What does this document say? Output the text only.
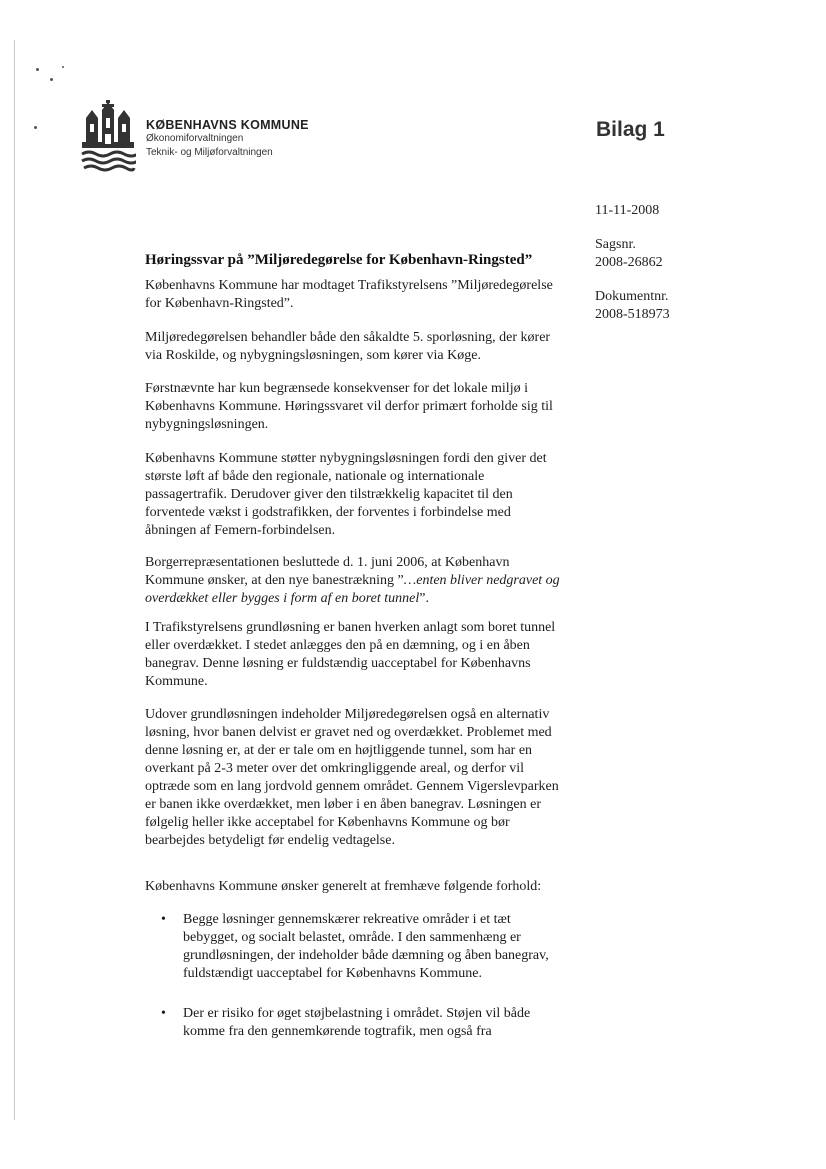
KØBENHAVNS KOMMUNE
Økonomiforvaltningen
Teknik- og Miljøforvaltningen
Bilag 1
11-11-2008
Sagsnr.
2008-26862
Dokumentnr.
2008-518973
Høringssvar på ”Miljøredegørelse for København-Ringsted”

Københavns Kommune har modtaget Trafikstyrelsens ”Miljøredegørelse for København-Ringsted”.

Miljøredegørelsen behandler både den såkaldte 5. sporløsning, der kører via Roskilde, og nybygningsløsningen, som kører via Køge.

Førstnævnte har kun begrænsede konsekvenser for det lokale miljø i Københavns Kommune. Høringssvaret vil derfor primært forholde sig til nybygningsløsningen.

Københavns Kommune støtter nybygningsløsningen fordi den giver det største løft af både den regionale, nationale og internationale passagertrafik. Derudover giver den tilstrækkelig kapacitet til den forventede vækst i godstrafikken, der forventes i forbindelse med åbningen af Femern-forbindelsen.

Borgerrepræsentationen besluttede d. 1. juni 2006, at København Kommune ønsker, at den nye banestrækning ”…enten bliver nedgravet og overdækket eller bygges i form af en boret tunnel”.

I Trafikstyrelsens grundløsning er banen hverken anlagt som boret tunnel eller overdækket. I stedet anlægges den på en dæmning, og i en åben banegrav. Denne løsning er fuldstændig uacceptabel for Københavns Kommune.

Udover grundløsningen indeholder Miljøredegørelsen også en alternativ løsning, hvor banen delvist er gravet ned og overdækket. Problemet med denne løsning er, at der er tale om en højtliggende tunnel, som har en overkant på 2-3 meter over det omkringliggende areal, og derfor vil optræde som en lang jordvold gennem området. Gennem Vigerslevparken er banen ikke overdækket, men løber i en åben banegrav. Løsningen er følgelig heller ikke acceptabel for Københavns Kommune og bør bearbejdes betydeligt før endelig vedtagelse.

Københavns Kommune ønsker generelt at fremhæve følgende forhold:

• Begge løsninger gennemskærer rekreative områder i et tæt bebygget, og socialt belastet, område. I den sammenhæng er grundløsningen, der indeholder både dæmning og åben banegrav, fuldstændigt uacceptabel for Københavns Kommune.
• Der er risiko for øget støjbelastning i området. Støjen vil både komme fra den gennemkørende togtrafik, men også fra
